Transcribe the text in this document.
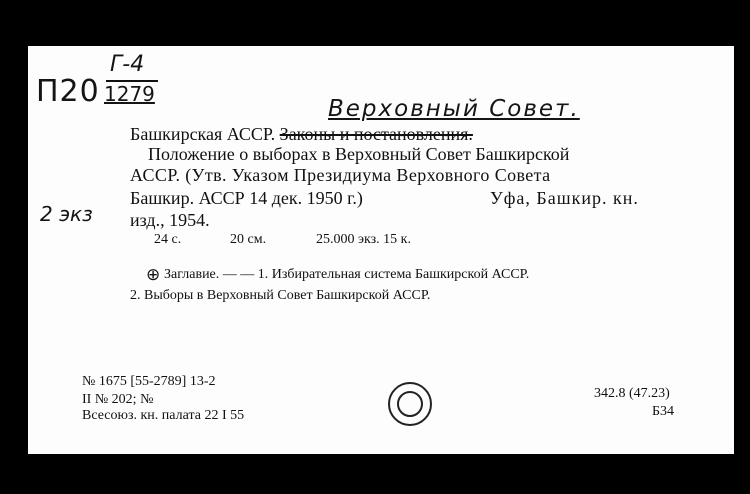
П20
Г-4
1279
Верховный Совет.
Башкирская АССР. Законы и постановления.
Положение о выборах в Верховный Совет Башкирской
АССР. (Утв. Указом Президиума Верховного Совета
Башкир. АССР 14 дек. 1950 г.)	Уфа, Башкир. кн.
изд., 1954.
2 экз
24 с.	20 см.	25.000 экз. 15 к.
⊕ Заглавие. — — 1. Избирательная система Башкирской АССР.
2. Выборы в Верховный Совет Башкирской АССР.
№ 1675 [55-2789] 13-2
II № 202; №
Всесоюз. кн. палата 22 I 55
342.8 (47.23)
Б34
